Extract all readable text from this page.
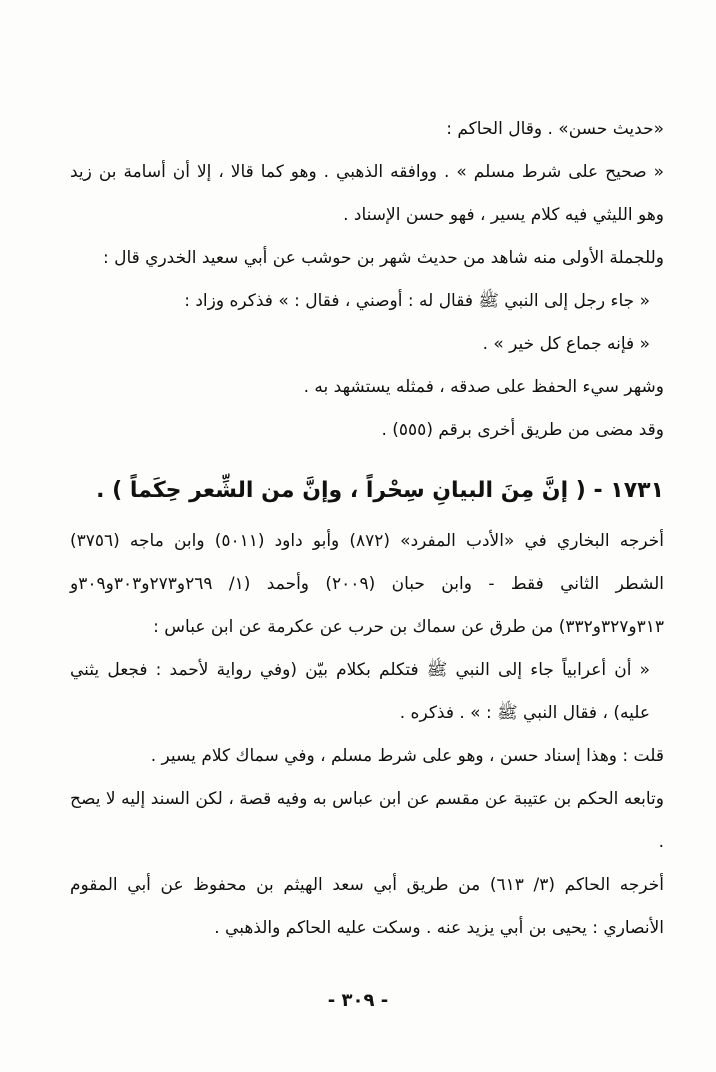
«حديث حسن» . وقال الحاكم :

« صحيح على شرط مسلم » . ووافقه الذهبي . وهو كما قالا ، إلا أن أسامة بن زيد وهو الليثي فيه كلام يسير ، فهو حسن الإسناد .

وللجملة الأولى منه شاهد من حديث شهر بن حوشب عن أبي سعيد الخدري قال :

« جاء رجل إلى النبي ﷺ فقال له : أوصني ، فقال : » فذكره وزاد :

« فإنه جماع كل خير » .

وشهر سيء الحفظ على صدقه ، فمثله يستشهد به .

وقد مضى من طريق أخرى برقم (٥٥٥) .

١٧٣١ - ( إنَّ مِنَ البيانِ سِحْراً ، وإنَّ من الشِّعر حِكَماً ) .

أخرجه البخاري في «الأدب المفرد» (٨٧٢) وأبو داود (٥٠١١) وابن ماجه (٣٧٥٦) الشطر الثاني فقط - وابن حبان (٢٠٠٩) وأحمد (١/ ٢٦٩و٢٧٣و٣٠٣و٣٠٩و ٣١٣و٣٢٧و٣٣٢) من طرق عن سماك بن حرب عن عكرمة عن ابن عباس :

« أن أعرابياً جاء إلى النبي ﷺ فتكلم بكلام بيّن (وفي رواية لأحمد : فجعل يثني عليه) ، فقال النبي ﷺ : » . فذكره .

قلت : وهذا إسناد حسن ، وهو على شرط مسلم ، وفي سماك كلام يسير .

وتابعه الحكم بن عتيبة عن مقسم عن ابن عباس به وفيه قصة ، لكن السند إليه لا يصح .

أخرجه الحاكم (٣/ ٦١٣) من طريق أبي سعد الهيثم بن محفوظ عن أبي المقوم الأنصاري : يحيى بن أبي يزيد عنه . وسكت عليه الحاكم والذهبي .

- ٣٠٩ -
